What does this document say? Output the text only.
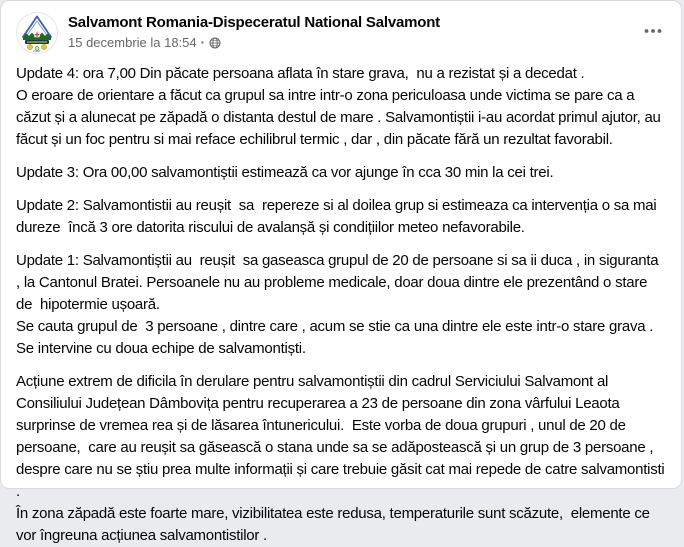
ICAR
Salvamont Romania-Dispeceratul National Salvamont
15 decembrie la 18:54 ·

Update 4: ora 7,00 Din păcate persoana aflata în stare grava,  nu a rezistat și a decedat .
O eroare de orientare a făcut ca grupul sa intre intr-o zona periculoasa unde victima se pare ca a căzut și a alunecat pe zăpadă o distanta destul de mare . Salvamontiștii i-au acordat primul ajutor, au făcut și un foc pentru si mai reface echilibrul termic , dar , din păcate fără un rezultat favorabil.

Update 3: Ora 00,00 salvamontiștii estimează ca vor ajunge în cca 30 min la cei trei.

Update 2: Salvamontistii au reușit  sa  repereze si al doilea grup si estimeaza ca intervenția o sa mai dureze  încă 3 ore datorita riscului de avalanșă și condițiilor meteo nefavorabile.

Update 1: Salvamontiștii au  reușit  sa gaseasca grupul de 20 de persoane si sa ii duca , in siguranta , la Cantonul Bratei. Persoanele nu au probleme medicale, doar doua dintre ele prezentând o stare de  hipotermie ușoară.
Se cauta grupul de  3 persoane , dintre care , acum se stie ca una dintre ele este intr-o stare grava .
Se intervine cu doua echipe de salvamontiști.

Acțiune extrem de dificila în derulare pentru salvamontiștii din cadrul Serviciului Salvamont al Consiliului Județean Dâmbovița pentru recuperarea a 23 de persoane din zona vârfului Leaota surprinse de vremea rea și de lăsarea întunericului.  Este vorba de doua grupuri , unul de 20 de persoane,  care au reușit sa găsească o stana unde sa se adăpostească și un grup de 3 persoane , despre care nu se știu prea multe informații și care trebuie găsit cat mai repede de catre salvamontisti .
În zona zăpadă este foarte mare, vizibilitatea este redusa, temperaturile sunt scăzute,  elemente ce vor îngreuna acțiunea salvamontistilor .
